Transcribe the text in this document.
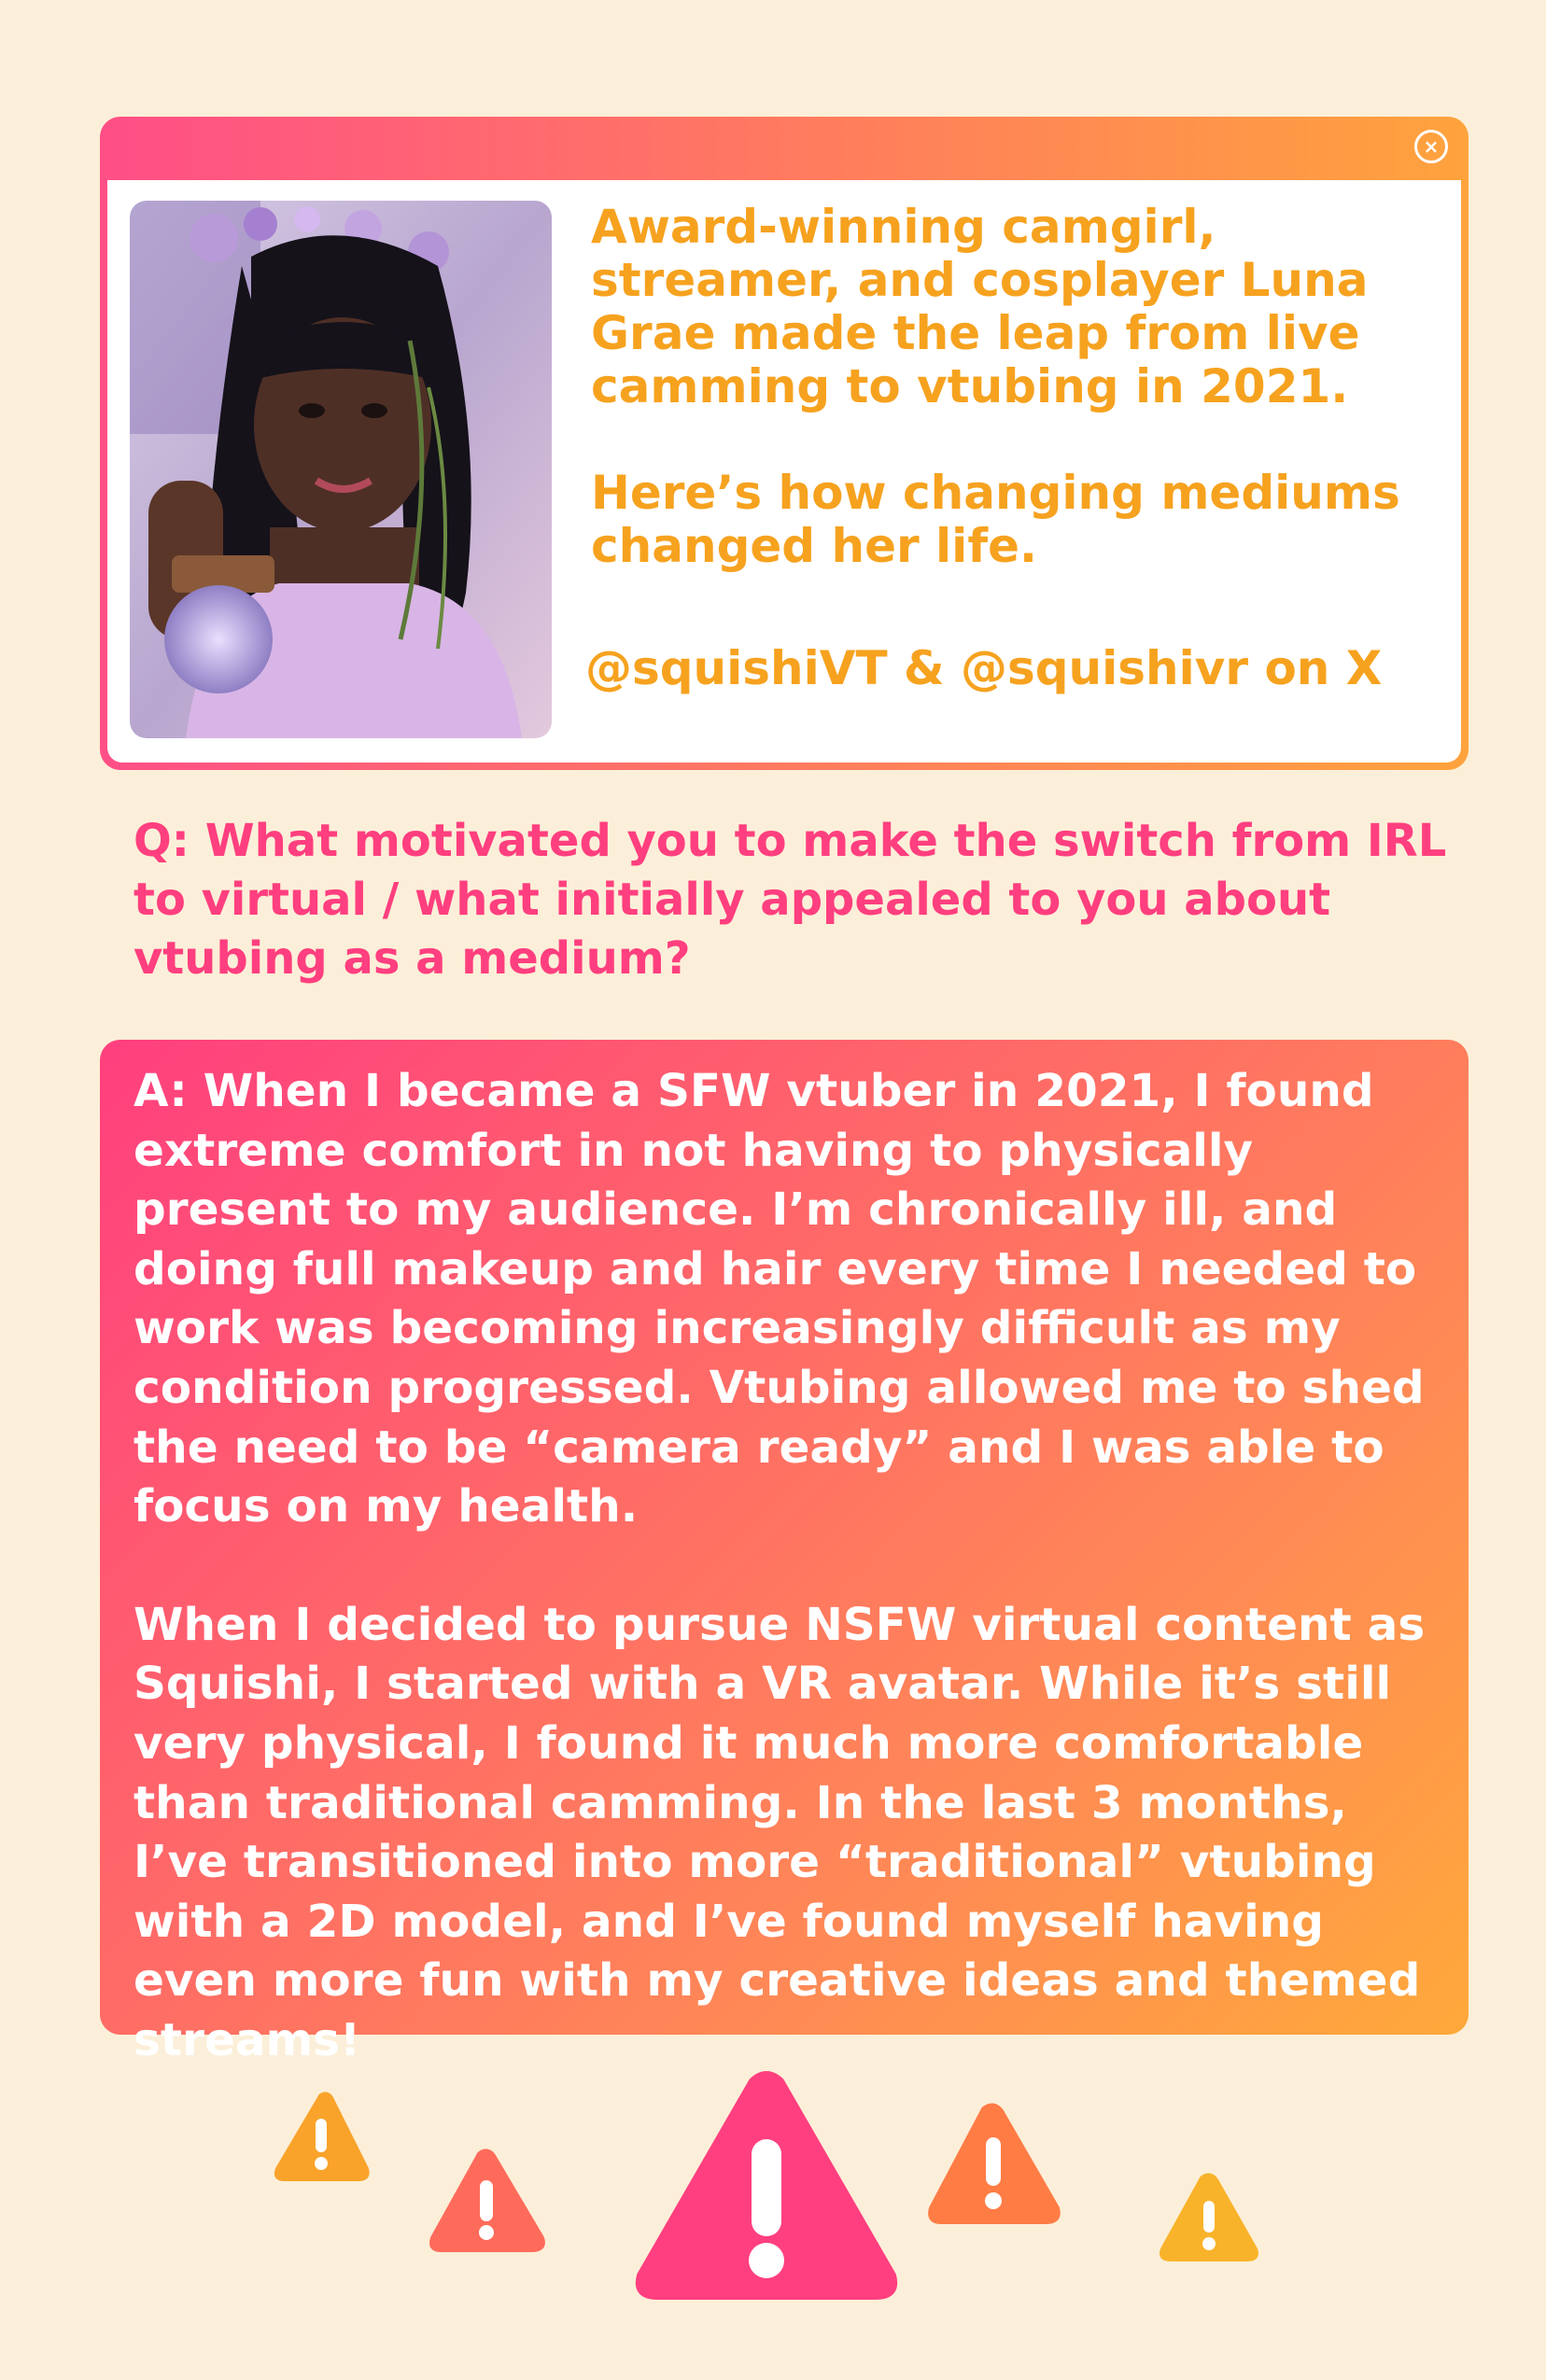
×

Award-winning camgirl, streamer, and cosplayer Luna Grae made the leap from live camming to vtubing in 2021.

Here’s how changing mediums changed her life.

@squishiVT & @squishivr on X

Q: What motivated you to make the switch from IRL to virtual / what initially appealed to you about vtubing as a medium?

A: When I became a SFW vtuber in 2021, I found extreme comfort in not having to physically present to my audience. I’m chronically ill, and doing full makeup and hair every time I needed to work was becoming increasingly difficult as my condition progressed. Vtubing allowed me to shed the need to be “camera ready” and I was able to focus on my health.

When I decided to pursue NSFW virtual content as Squishi, I started with a VR avatar. While it’s still very physical, I found it much more comfortable than traditional camming. In the last 3 months, I’ve transitioned into more “traditional” vtubing with a 2D model, and I’ve found myself having even more fun with my creative ideas and themed streams!
